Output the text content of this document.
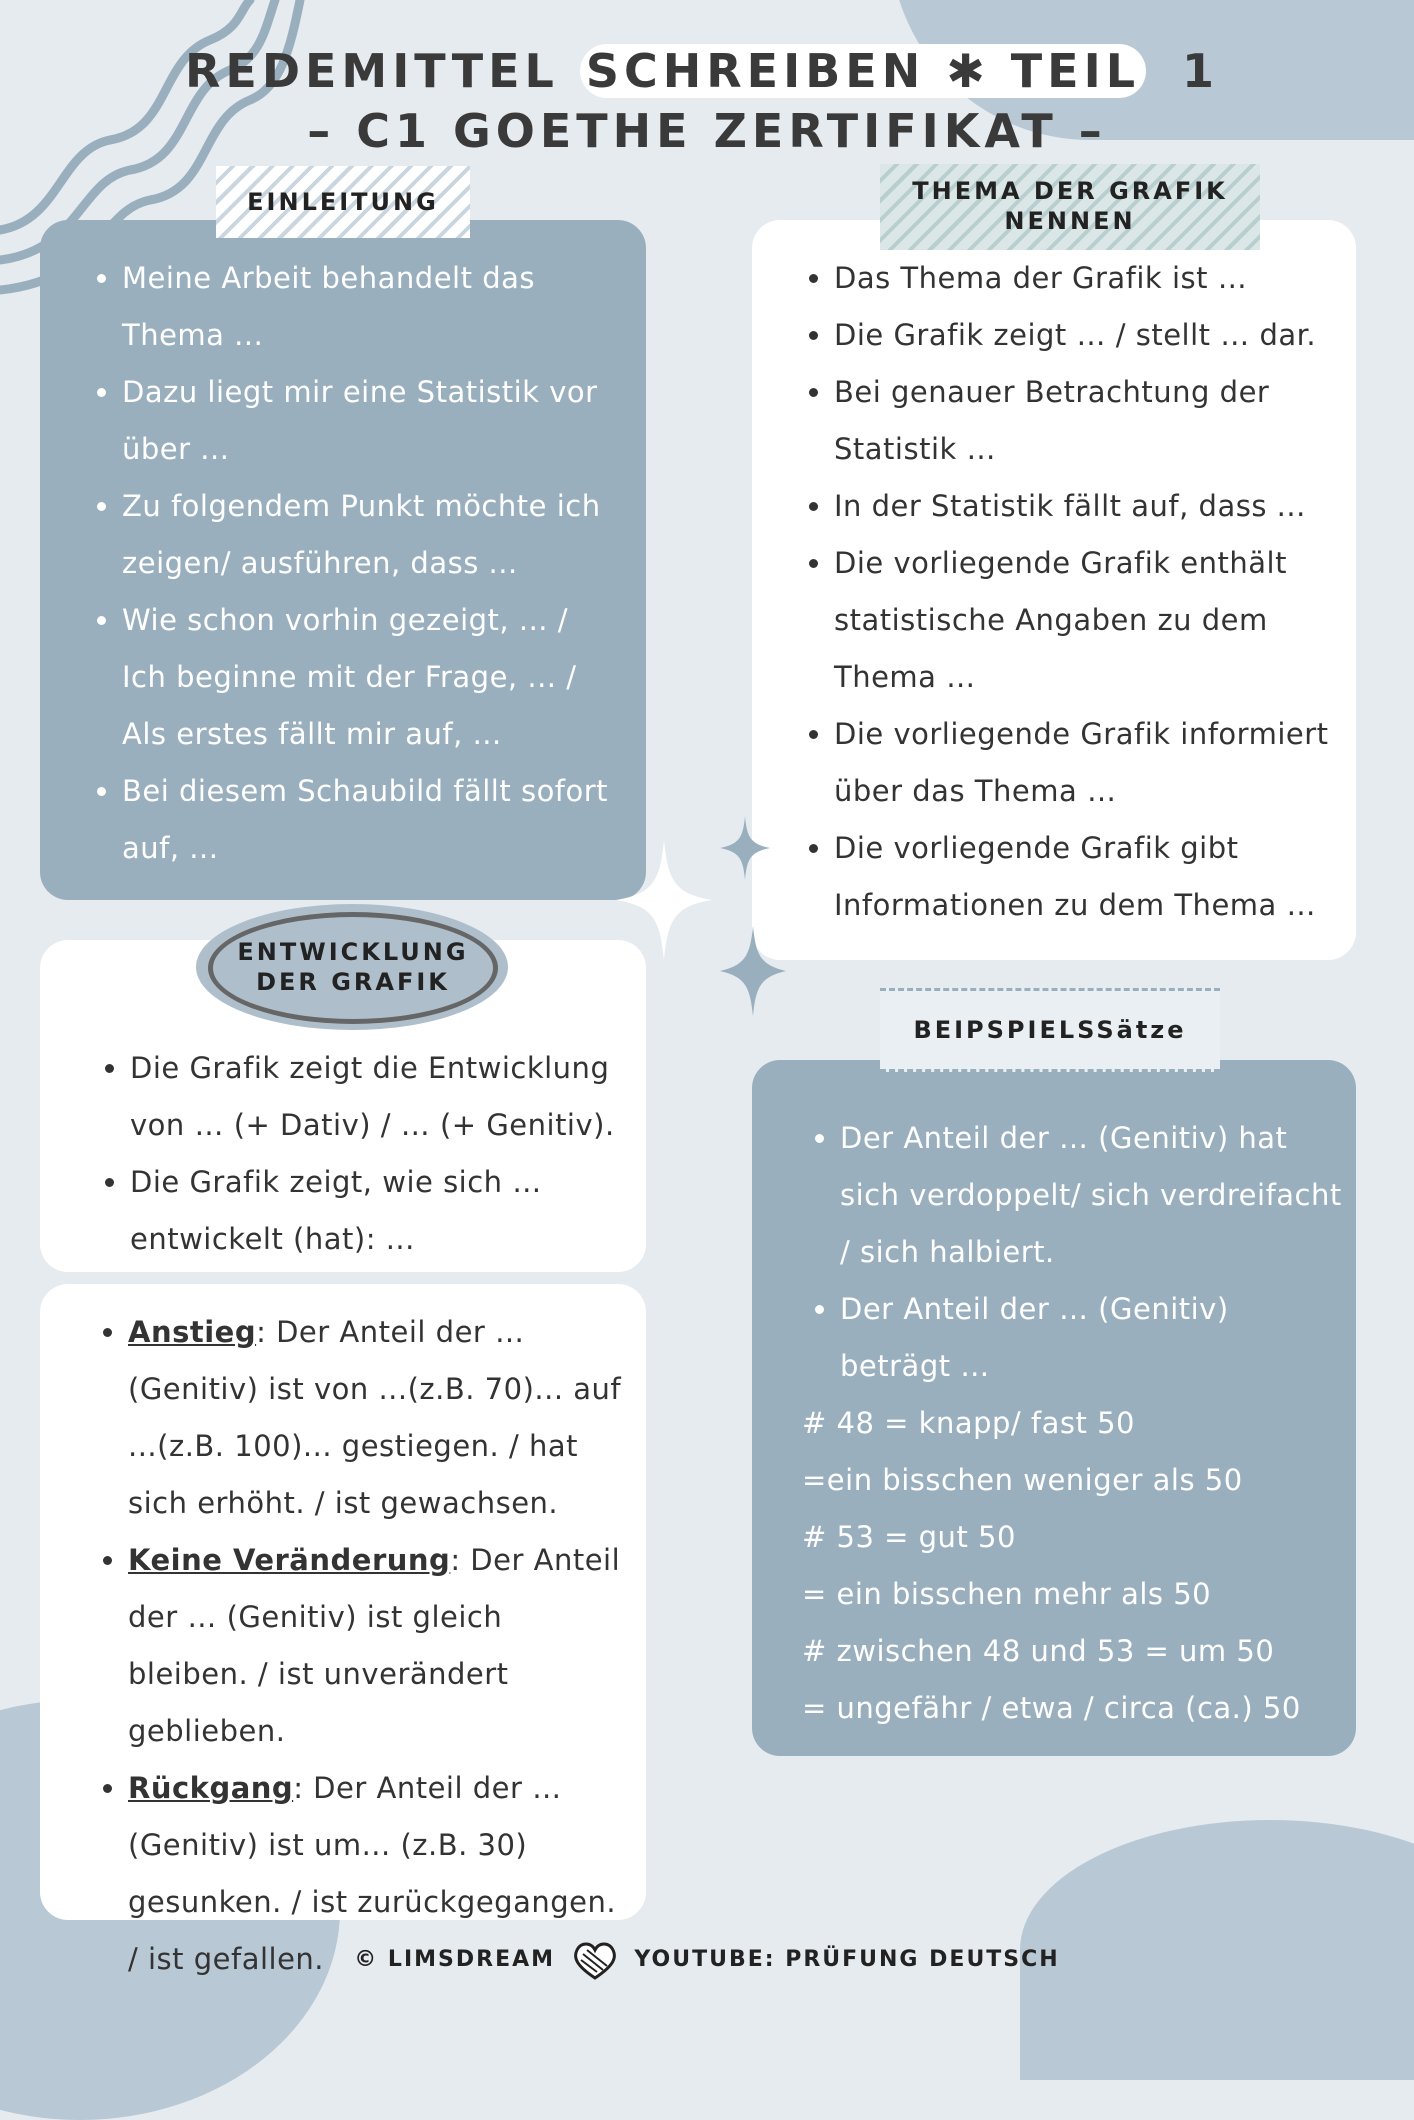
REDEMITTEL SCHREIBEN ✱ TEIL 1
– C1 GOETHE ZERTIFIKAT –
• Meine Arbeit behandelt das Thema ...
• Dazu liegt mir eine Statistik vor über ...
• Zu folgendem Punkt möchte ich zeigen/ ausführen, dass ...
• Wie schon vorhin gezeigt, ... / Ich beginne mit der Frage, ... / Als erstes fällt mir auf, ...
• Bei diesem Schaubild fällt sofort auf, ...
EINLEITUNG
• Das Thema der Grafik ist …
• Die Grafik zeigt … / stellt … dar.
• Bei genauer Betrachtung der Statistik …
• In der Statistik fällt auf, dass ...
• Die vorliegende Grafik enthält statistische Angaben zu dem Thema …
• Die vorliegende Grafik informiert über das Thema …
• Die vorliegende Grafik gibt Informationen zu dem Thema …
THEMA DER GRAFIK
NENNEN
• Die Grafik zeigt die Entwicklung von … (+ Dativ) / … (+ Genitiv).
• Die Grafik zeigt, wie sich … entwickelt (hat): ...
ENTWICKLUNG
DER GRAFIK
• Anstieg: Der Anteil der … (Genitiv) ist von ...(z.B. 70)... auf ...(z.B. 100)... gestiegen. / hat sich erhöht. / ist gewachsen.
• Keine Veränderung: Der Anteil der … (Genitiv) ist gleich bleiben. / ist unverändert geblieben.
• Rückgang: Der Anteil der … (Genitiv) ist um... (z.B. 30) gesunken. / ist zurückgegangen. / ist gefallen.
• Der Anteil der … (Genitiv) hat sich verdoppelt/ sich verdreifacht / sich halbiert.
• Der Anteil der … (Genitiv) beträgt …
# 48 = knapp/ fast 50
=ein bisschen weniger als 50
# 53 = gut 50
= ein bisschen mehr als 50
# zwischen 48 und 53 = um 50
= ungefähr / etwa / circa (ca.) 50
BEIPSPIELSSätze
© LIMSDREAM	YOUTUBE: PRÜFUNG DEUTSCH
